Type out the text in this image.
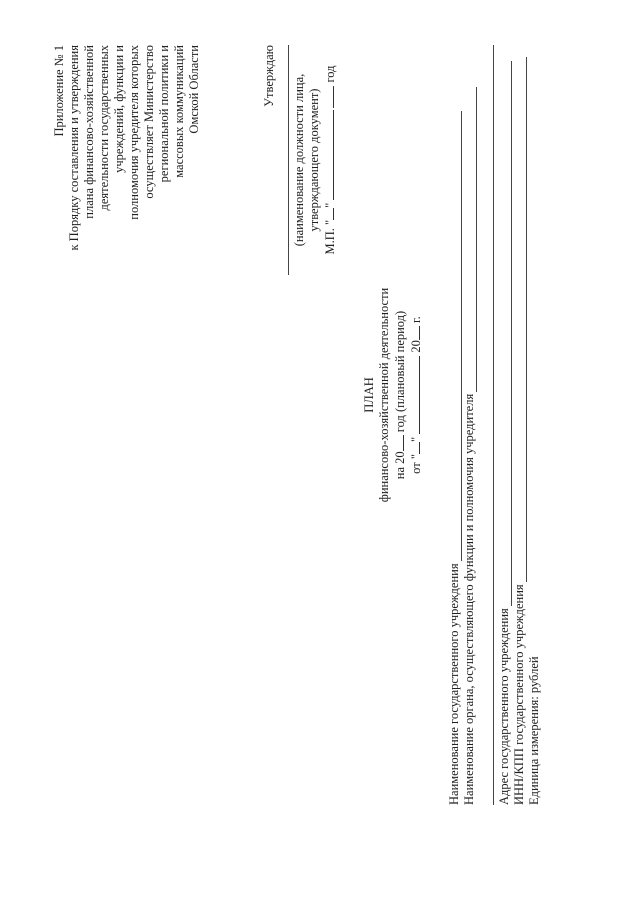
Приложение № 1 к Порядку составления и утверждения плана финансово-хозяйственной деятельности государственных учреждений, функции и полномочия учредителя которых осуществляет Министерство региональной политики и массовых коммуникаций Омской Области	Утверждаю (наименование должности лица, утверждающего документ)
М.П. ""  год
ПЛАН финансово-хозяйственной деятельности на 20 год (плановый период)
от ""  20 г.
Наименование государственного учреждения Наименование органа, осуществляющего функции и полномочия учредителя Адрес государственного учреждения ИНН/КПП государственного учреждения Единица измерения: рублей
